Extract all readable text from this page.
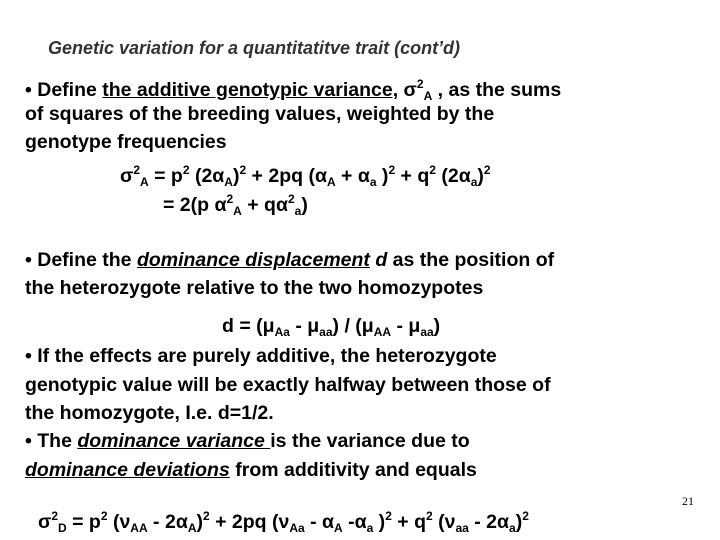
Genetic variation for a quantitatitve trait (cont’d)
• Define the additive genotypic variance, $\sigma^2_A$ , as the sums
of squares of the breeding values, weighted by the
genotype frequencies
$\sigma^2_A = p^2$ $(2\alpha_A)^2 + 2pq$ ($\alpha_A + \alpha_a$ )$^2 + q^2$ $(2\alpha_a)^2$
= 2(p $\alpha^2_A + q\alpha^2_a$)
• Define the dominance displacement d as the position of
the heterozygote relative to the two homozypotes
$d = (\mu_{Aa} - \mu_{aa}) / (\mu_{AA} - \mu_{aa})$
• If the effects are purely additive, the heterozygote
genotypic value will be exactly halfway between those of
the homozygote, I.e. d=1/2.
• The dominance variance is the variance due to
dominance deviations from additivity and equals
$\sigma^2_D = p^2$ $(\nu_{AA} - 2\alpha_A)^2 + 2pq$ ($\nu_{Aa} - \alpha_A$ $-\alpha_a$ )$^2 + q^2$ $(\nu_{aa} - 2\alpha_a)^2$
21
